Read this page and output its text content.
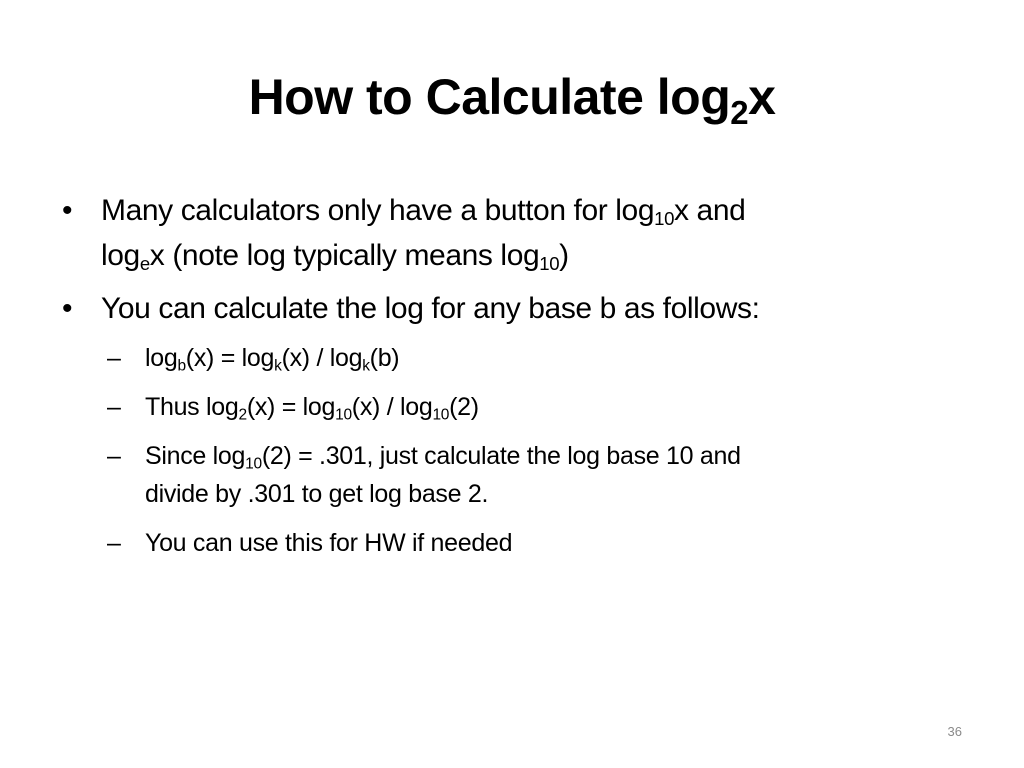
How to Calculate $\log_2x$
• Many calculators only have a button for $\log_{10}x$ and
$\log_ex$ (note log typically means $\log_{10}$)
• You can calculate the log for any base b as follows:
– $\log_b(x) = \log_k(x) / \log_k(b)$
– Thus $\log_2(x) = \log_{10}(x) / \log_{10}(2)$
– Since $\log_{10}(2) = .301$, just calculate the log base 10 and
divide by .301 to get log base 2.
– You can use this for HW if needed
36
